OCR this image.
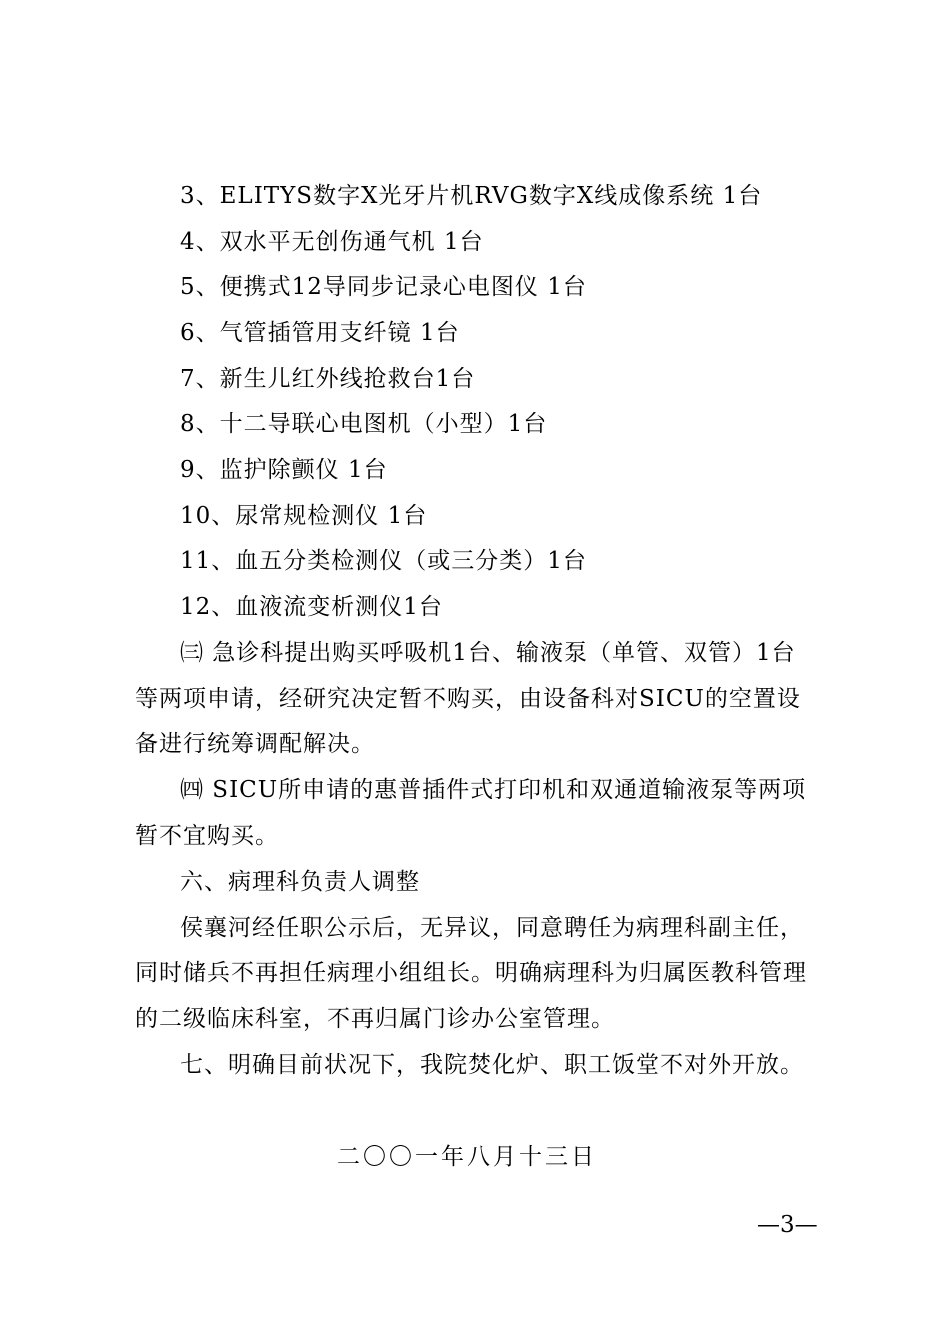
3、ELITYS数字X光牙片机RVG数字X线成像系统 1台
4、双水平无创伤通气机 1台
5、便携式12导同步记录心电图仪 1台
6、气管插管用支纤镜 1台
7、新生儿红外线抢救台1台
8、十二导联心电图机（小型）1台
9、监护除颤仪 1台
10、尿常规检测仪 1台
11、血五分类检测仪（或三分类）1台
12、血液流变析测仪1台
㈢ 急诊科提出购买呼吸机1台、输液泵（单管、双管）1台
等两项申请，经研究决定暂不购买，由设备科对SICU的空置设
备进行统筹调配解决。
㈣ SICU所申请的惠普插件式打印机和双通道输液泵等两项
暂不宜购买。
六、病理科负责人调整
侯襄河经任职公示后，无异议，同意聘任为病理科副主任，
同时储兵不再担任病理小组组长。明确病理科为归属医教科管理
的二级临床科室，不再归属门诊办公室管理。
七、明确目前状况下，我院焚化炉、职工饭堂不对外开放。
二〇〇一年八月十三日
—3—
